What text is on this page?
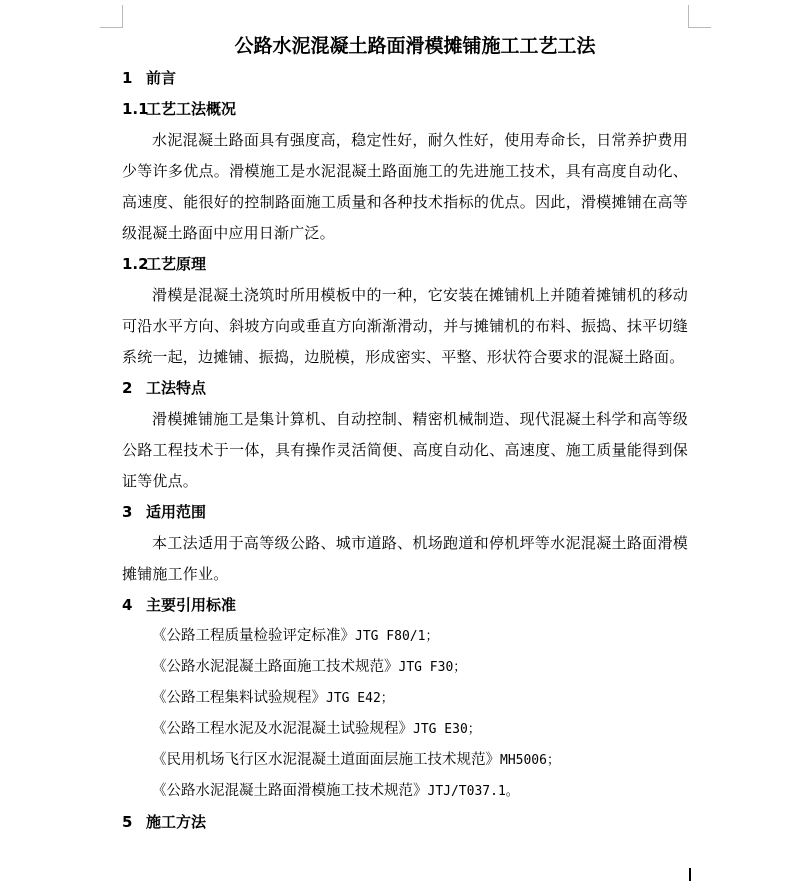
公路水泥混凝土路面滑模摊铺施工工艺工法
1 前言
1.1工艺工法概况
水泥混凝土路面具有强度高，稳定性好，耐久性好，使用寿命长，日常养护费用少等许多优点。滑模施工是水泥混凝土路面施工的先进施工技术，具有高度自动化、高速度、能很好的控制路面施工质量和各种技术指标的优点。因此，滑模摊铺在高等级混凝土路面中应用日渐广泛。
1.2工艺原理
滑模是混凝土浇筑时所用模板中的一种，它安装在摊铺机上并随着摊铺机的移动可沿水平方向、斜坡方向或垂直方向渐渐滑动，并与摊铺机的布料、振捣、抹平切缝系统一起，边摊铺、振捣，边脱模，形成密实、平整、形状符合要求的混凝土路面。
2 工法特点
滑模摊铺施工是集计算机、自动控制、精密机械制造、现代混凝土科学和高等级公路工程技术于一体，具有操作灵活简便、高度自动化、高速度、施工质量能得到保证等优点。
3 适用范围
本工法适用于高等级公路、城市道路、机场跑道和停机坪等水泥混凝土路面滑模摊铺施工作业。
4 主要引用标准
《公路工程质量检验评定标准》JTG F80/1；
《公路水泥混凝土路面施工技术规范》JTG F30；
《公路工程集料试验规程》JTG E42；
《公路工程水泥及水泥混凝土试验规程》JTG E30；
《民用机场飞行区水泥混凝土道面面层施工技术规范》MH5006；
《公路水泥混凝土路面滑模施工技术规范》JTJ/T037.1。
5 施工方法
